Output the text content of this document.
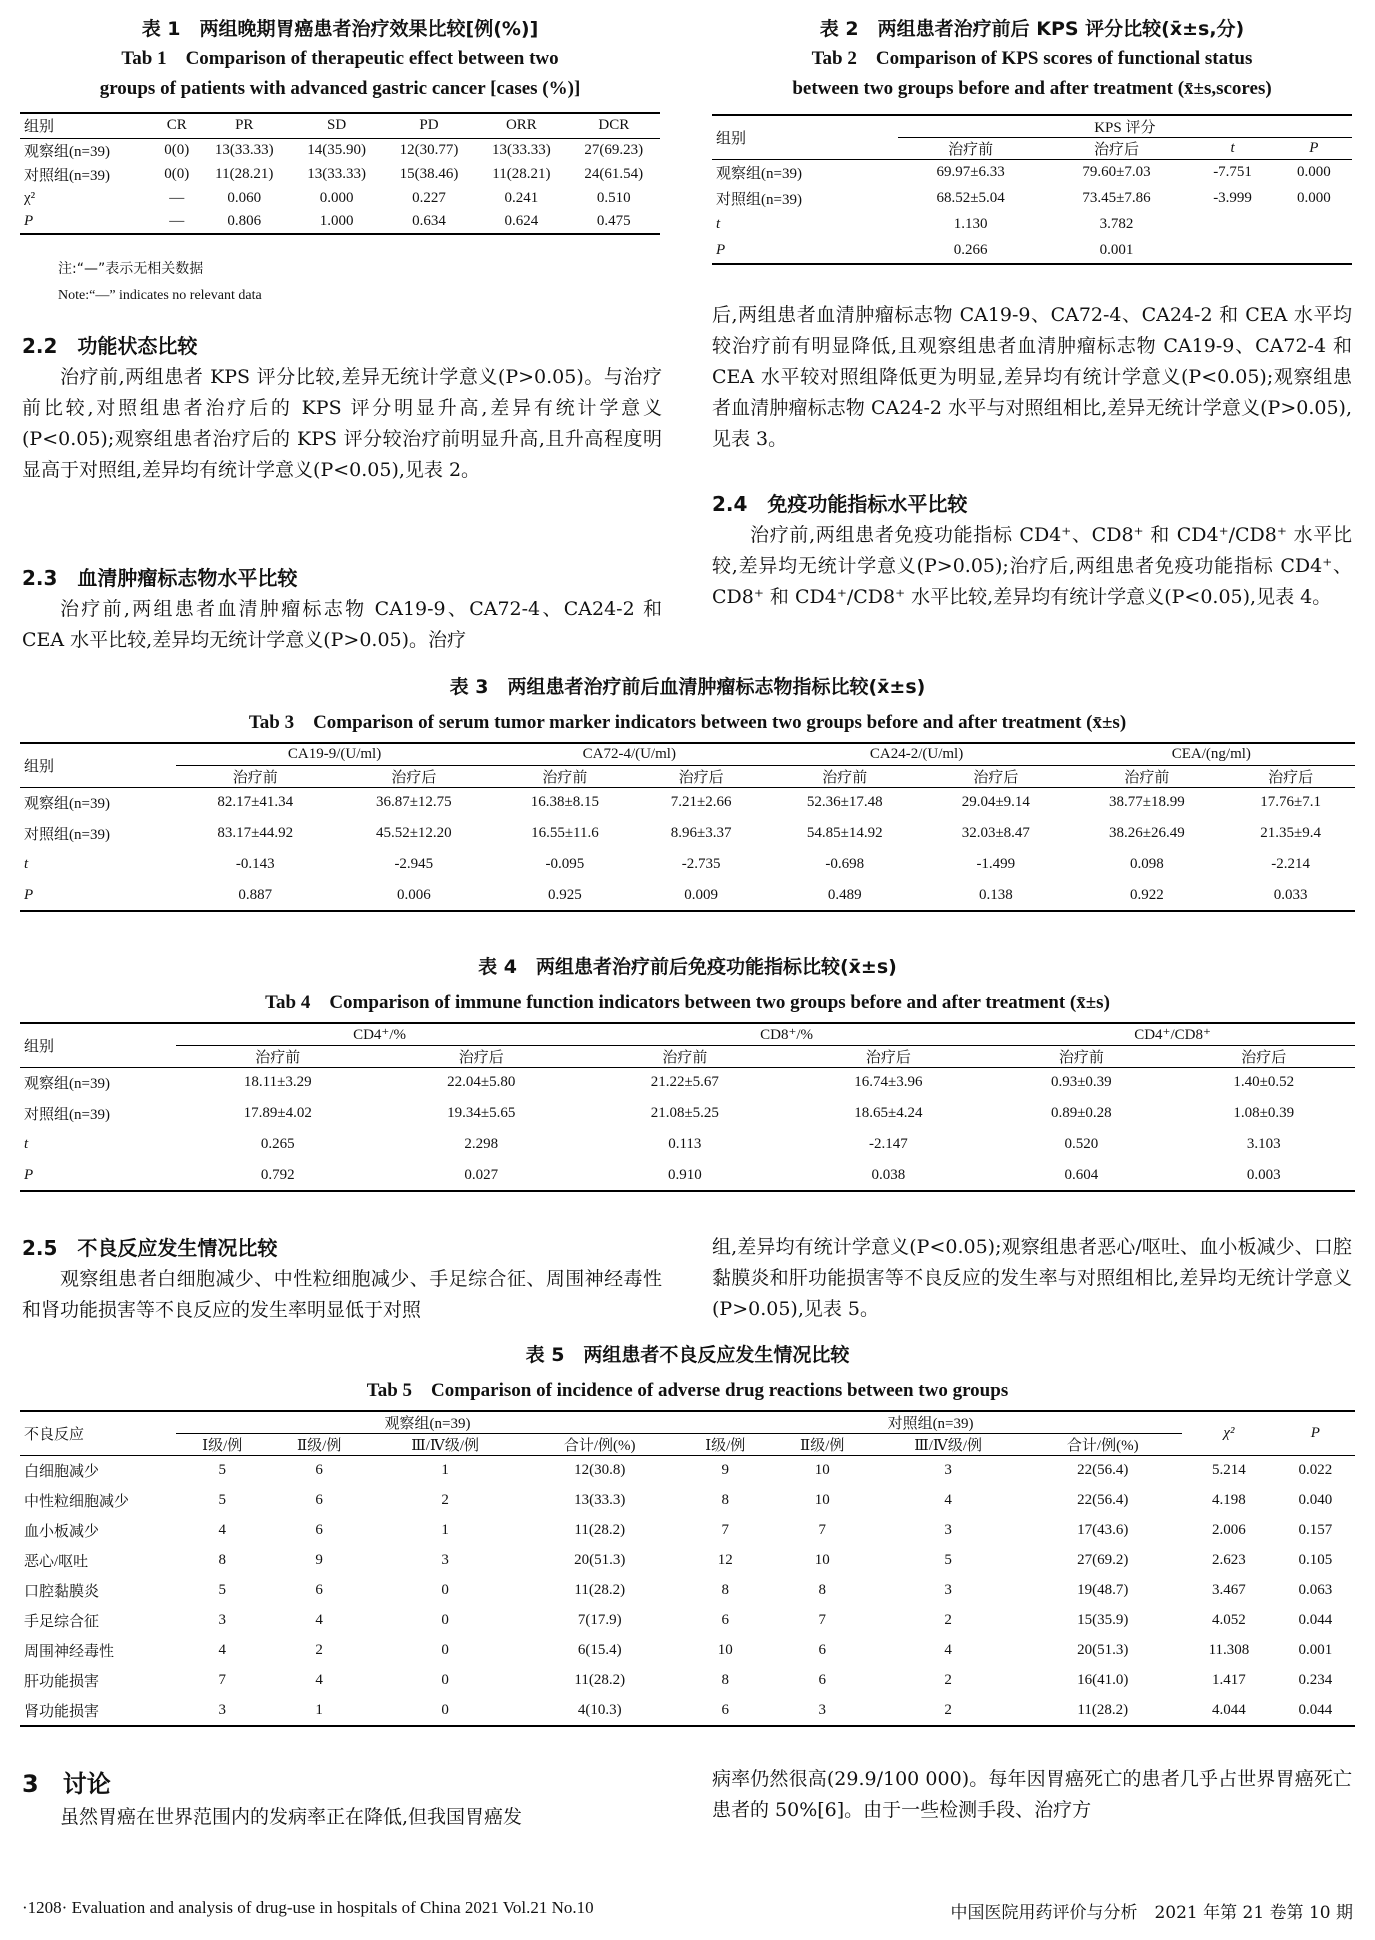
表 1　两组晚期胃癌患者治疗效果比较[例(%)]
Tab 1　Comparison of therapeutic effect between two
groups of patients with advanced gastric cancer [cases (%)]
组别	CR	PR	SD	PD	ORR	DCR
观察组(n=39)	0(0)	13(33.33)	14(35.90)	12(30.77)	13(33.33)	27(69.23)
对照组(n=39)	0(0)	11(28.21)	13(33.33)	15(38.46)	11(28.21)	24(61.54)
χ²	—	0.060	0.000	0.227	0.241	0.510
P	—	0.806	1.000	0.634	0.624	0.475
注:“—”表示无相关数据
Note:“—” indicates no relevant data
表 2　两组患者治疗前后 KPS 评分比较(x̄±s,分)
Tab 2　Comparison of KPS scores of functional status
between two groups before and after treatment (x̄±s,scores)
组别	KPS 评分			
	治疗前	治疗后	t	P
观察组(n=39)	69.97±6.33	79.60±7.03	-7.751	0.000
对照组(n=39)	68.52±5.04	73.45±7.86	-3.999	0.000
t	1.130	3.782		
P	0.266	0.001		
2.2　功能状态比较

治疗前,两组患者 KPS 评分比较,差异无统计学意义(P>0.05)。与治疗前比较,对照组患者治疗后的 KPS 评分明显升高,差异有统计学意义(P<0.05);观察组患者治疗后的 KPS 评分较治疗前明显升高,且升高程度明显高于对照组,差异均有统计学意义(P<0.05),见表 2。

2.3　血清肿瘤标志物水平比较

治疗前,两组患者血清肿瘤标志物 CA19-9、CA72-4、CA24-2 和 CEA 水平比较,差异均无统计学意义(P>0.05)。治疗

后,两组患者血清肿瘤标志物 CA19-9、CA72-4、CA24-2 和 CEA 水平均较治疗前有明显降低,且观察组患者血清肿瘤标志物 CA19-9、CA72-4 和 CEA 水平较对照组降低更为明显,差异均有统计学意义(P<0.05);观察组患者血清肿瘤标志物 CA24-2 水平与对照组相比,差异无统计学意义(P>0.05),见表 3。

2.4　免疫功能指标水平比较

治疗前,两组患者免疫功能指标 CD4⁺、CD8⁺ 和 CD4⁺/CD8⁺ 水平比较,差异均无统计学意义(P>0.05);治疗后,两组患者免疫功能指标 CD4⁺、CD8⁺ 和 CD4⁺/CD8⁺ 水平比较,差异均有统计学意义(P<0.05),见表 4。

表 3　两组患者治疗前后血清肿瘤标志物指标比较(x̄±s)
Tab 3　Comparison of serum tumor marker indicators between two groups before and after treatment (x̄±s)
组别	CA19-9/(U/ml)		CA72-4/(U/ml)		CA24-2/(U/ml)		CEA/(ng/ml)	
	治疗前	治疗后	治疗前	治疗后	治疗前	治疗后	治疗前	治疗后
观察组(n=39)	82.17±41.34	36.87±12.75	16.38±8.15	7.21±2.66	52.36±17.48	29.04±9.14	38.77±18.99	17.76±7.1
对照组(n=39)	83.17±44.92	45.52±12.20	16.55±11.6	8.96±3.37	54.85±14.92	32.03±8.47	38.26±26.49	21.35±9.4
t	-0.143	-2.945	-0.095	-2.735	-0.698	-1.499	0.098	-2.214
P	0.887	0.006	0.925	0.009	0.489	0.138	0.922	0.033
表 4　两组患者治疗前后免疫功能指标比较(x̄±s)
Tab 4　Comparison of immune function indicators between two groups before and after treatment (x̄±s)
组别	CD4⁺/%		CD8⁺/%		CD4⁺/CD8⁺	
	治疗前	治疗后	治疗前	治疗后	治疗前	治疗后
观察组(n=39)	18.11±3.29	22.04±5.80	21.22±5.67	16.74±3.96	0.93±0.39	1.40±0.52
对照组(n=39)	17.89±4.02	19.34±5.65	21.08±5.25	18.65±4.24	0.89±0.28	1.08±0.39
t	0.265	2.298	0.113	-2.147	0.520	3.103
P	0.792	0.027	0.910	0.038	0.604	0.003
2.5　不良反应发生情况比较

观察组患者白细胞减少、中性粒细胞减少、手足综合征、周围神经毒性和肾功能损害等不良反应的发生率明显低于对照

组,差异均有统计学意义(P<0.05);观察组患者恶心/呕吐、血小板减少、口腔黏膜炎和肝功能损害等不良反应的发生率与对照组相比,差异均无统计学意义(P>0.05),见表 5。

表 5　两组患者不良反应发生情况比较
Tab 5　Comparison of incidence of adverse drug reactions between two groups
不良反应	观察组(n=39)				对照组(n=39)				χ²	P
	Ⅰ级/例	Ⅱ级/例	Ⅲ/Ⅳ级/例	合计/例(%)	Ⅰ级/例	Ⅱ级/例	Ⅲ/Ⅳ级/例	合计/例(%)		
白细胞减少	5	6	1	12(30.8)	9	10	3	22(56.4)	5.214	0.022
中性粒细胞减少	5	6	2	13(33.3)	8	10	4	22(56.4)	4.198	0.040
血小板减少	4	6	1	11(28.2)	7	7	3	17(43.6)	2.006	0.157
恶心/呕吐	8	9	3	20(51.3)	12	10	5	27(69.2)	2.623	0.105
口腔黏膜炎	5	6	0	11(28.2)	8	8	3	19(48.7)	3.467	0.063
手足综合征	3	4	0	7(17.9)	6	7	2	15(35.9)	4.052	0.044
周围神经毒性	4	2	0	6(15.4)	10	6	4	20(51.3)	11.308	0.001
肝功能损害	7	4	0	11(28.2)	8	6	2	16(41.0)	1.417	0.234
肾功能损害	3	1	0	4(10.3)	6	3	2	11(28.2)	4.044	0.044
3　讨论

虽然胃癌在世界范围内的发病率正在降低,但我国胃癌发

病率仍然很高(29.9/100 000)。每年因胃癌死亡的患者几乎占世界胃癌死亡患者的 50%[6]。由于一些检测手段、治疗方

·1208· Evaluation and analysis of drug-use in hospitals of China 2021 Vol.21 No.10	中国医院用药评价与分析　2021 年第 21 卷第 10 期
